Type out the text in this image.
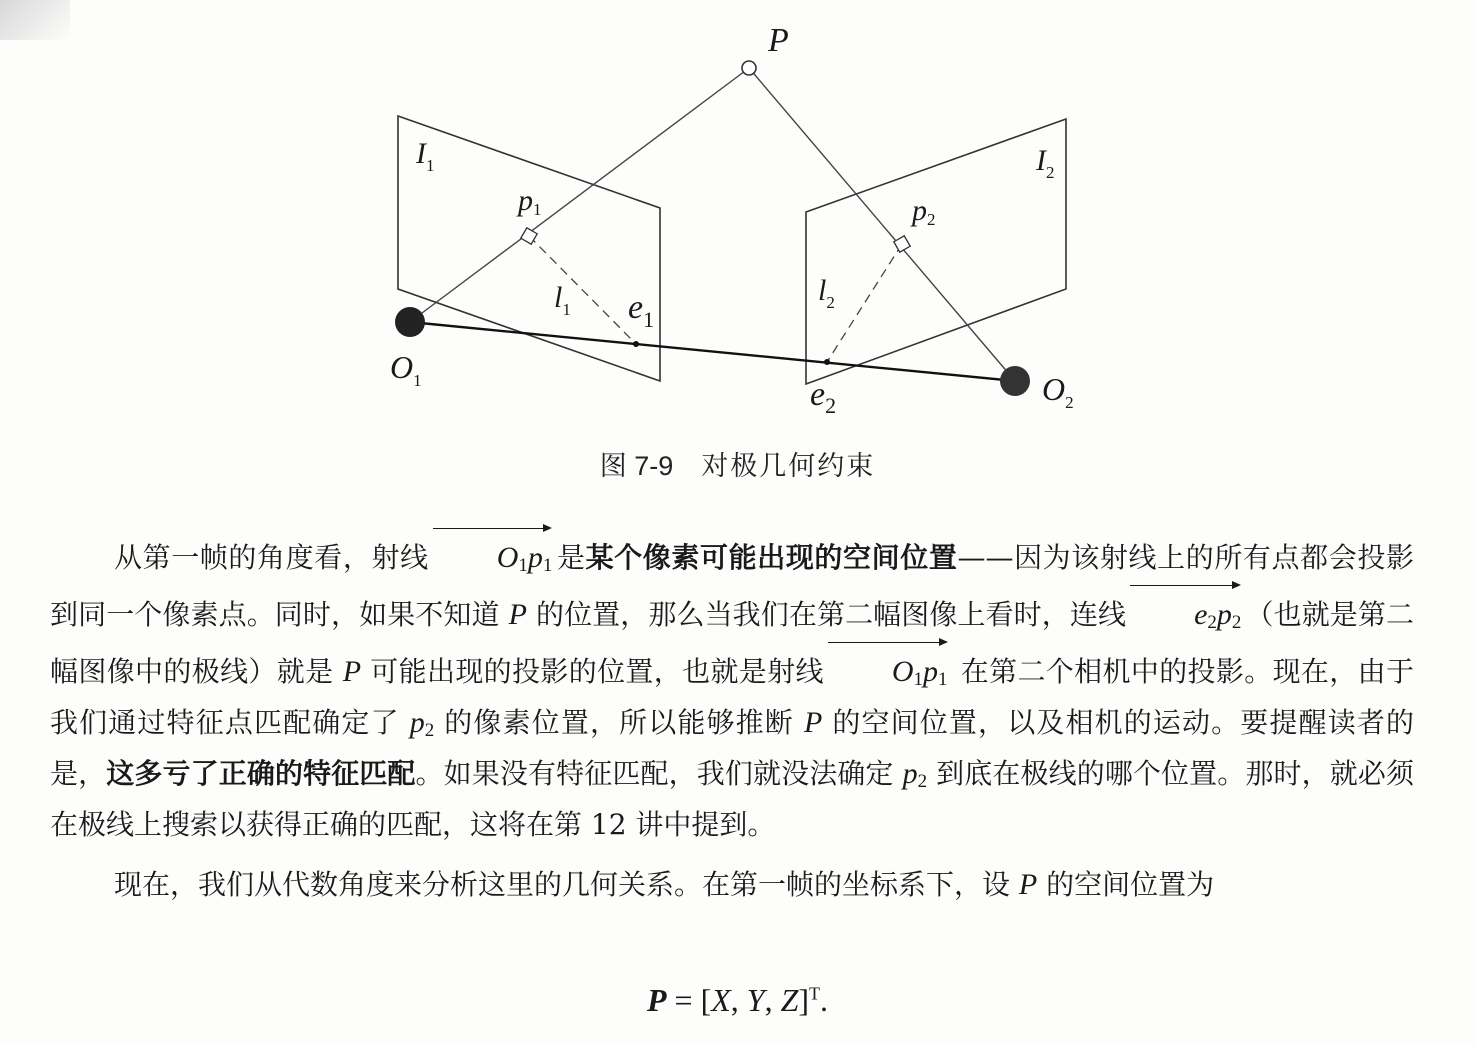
P
$I_1$	$I_2$
p1	p2
$l_1$
$l_2$
$e_1$
$e_2$
$O_1$	$O_2$
图 7-9 对极几何约束

从第一帧的角度看，射线 $O_1p_1$ 是某个像素可能出现的空间位置——因为该射线上的所有点都会投影到同一个像素点。同时，如果不知道 P 的位置，那么当我们在第二幅图像上看时，连线 $e_2p_2$ （也就是第二幅图像中的极线）就是 P 可能出现的投影的位置，也就是射线 $O_1p_1$ 在第二个相机中的投影。现在，由于我们通过特征点匹配确定了 $p_2$ 的像素位置，所以能够推断 P 的空间位置，以及相机的运动。要提醒读者的是，这多亏了正确的特征匹配。如果没有特征匹配，我们就没法确定 $p_2$ 到底在极线的哪个位置。那时，就必须在极线上搜索以获得正确的匹配，这将在第 12 讲中提到。

现在，我们从代数角度来分析这里的几何关系。在第一帧的坐标系下，设 P 的空间位置为

P = [X, Y, Z]$^T$.
